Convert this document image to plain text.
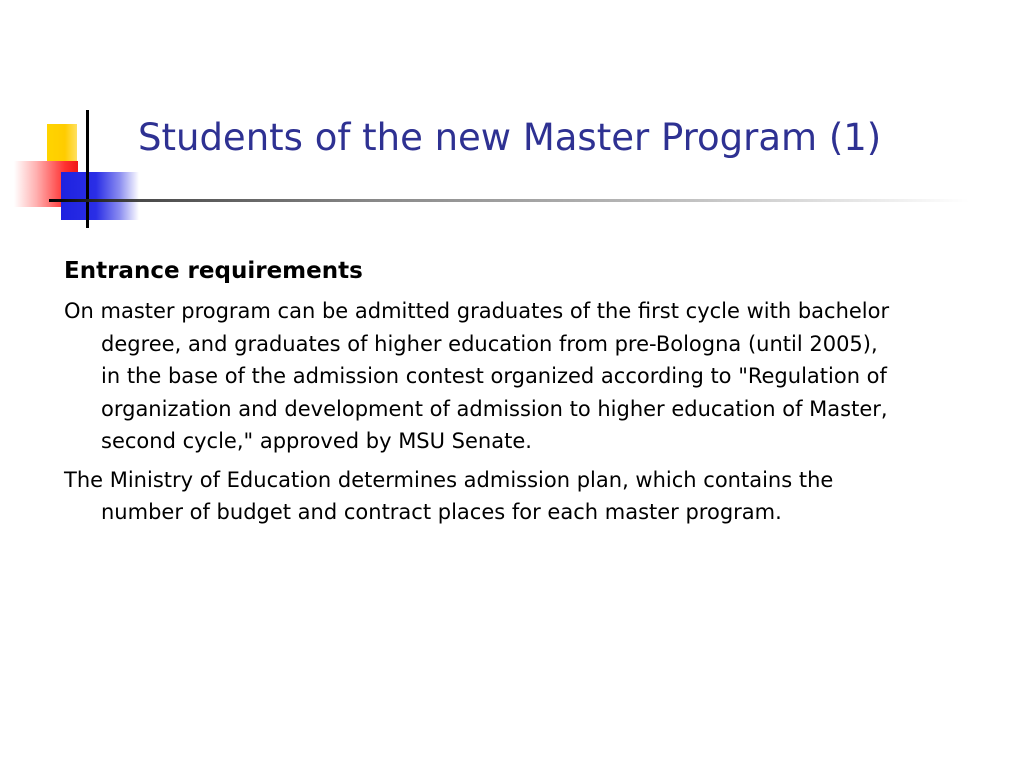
Students of the new Master Program (1)
Entrance requirements

On master program can be admitted graduates of the first cycle with bachelor degree, and graduates of higher education from pre-Bologna (until 2005), in the base of the admission contest organized according to "Regulation of organization and development of admission to higher education of Master, second cycle," approved by MSU Senate.

The Ministry of Education determines admission plan, which contains the number of budget and contract places for each master program.
